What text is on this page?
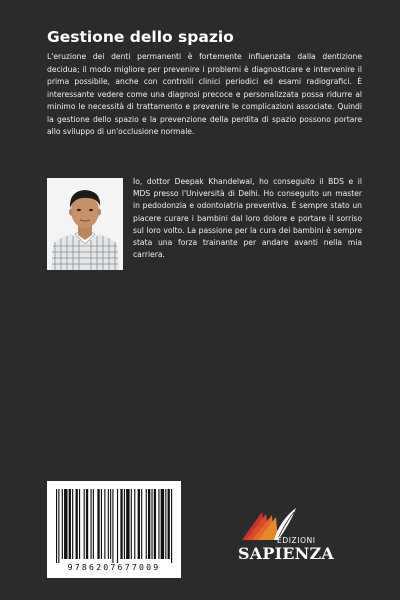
Gestione dello spazio

L'eruzione dei denti permanenti è fortemente influenzata dalla dentizione decidua; il modo migliore per prevenire i problemi è diagnosticare e intervenire il prima possibile, anche con controlli clinici periodici ed esami radiografici. È interessante vedere come una diagnosi precoce e personalizzata possa ridurre al minimo le necessità di trattamento e prevenire le complicazioni associate. Quindi la gestione dello spazio e la prevenzione della perdita di spazio possono portare allo sviluppo di un'occlusione normale.

Io, dottor Deepak Khandelwal, ho conseguito il BDS e il MDS presso l'Università di Delhi. Ho conseguito un master in pedodonzia e odontoiatria preventiva. È sempre stato un piacere curare i bambini dal loro dolore e portare il sorriso sul loro volto. La passione per la cura dei bambini è sempre stata una forza trainante per andare avanti nella mia carriera.

9786207677009
EDIZIONI
SAPIENZA
